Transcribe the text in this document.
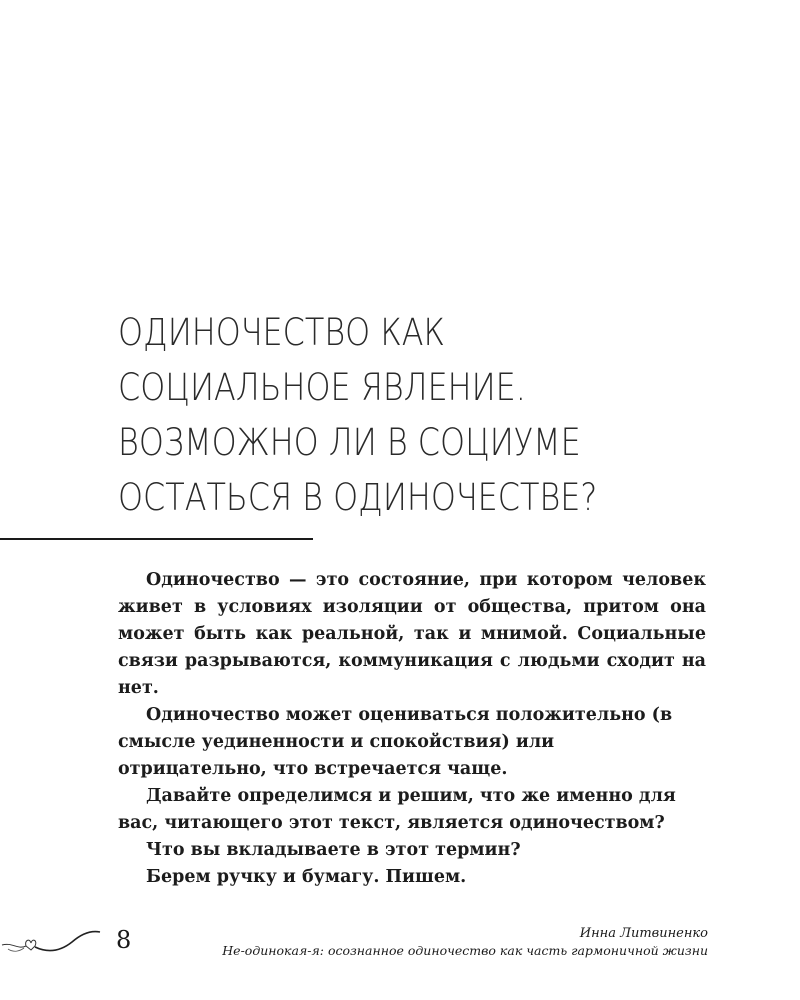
ОДИНОЧЕСТВО КАК
СОЦИАЛЬНОЕ ЯВЛЕНИЕ.
ВОЗМОЖНО ЛИ В СОЦИУМЕ
ОСТАТЬСЯ В ОДИНОЧЕСТВЕ?

Одиночество — это состояние, при котором человек живет в условиях изоляции от общества, притом она может быть как реальной, так и мнимой. Социальные связи разрываются, коммуникация с людьми сходит на нет.

Одиночество может оцениваться положительно (в смысле уединенности и спокойствия) или отрицательно, что встречается чаще.

Давайте определимся и решим, что же именно для вас, читающего этот текст, является одиночеством?

Что вы вкладываете в этот термин?

Берем ручку и бумагу. Пишем.

8	Инна Литвиненко
Не-одинокая-я: осознанное одиночество как часть гармоничной жизни
